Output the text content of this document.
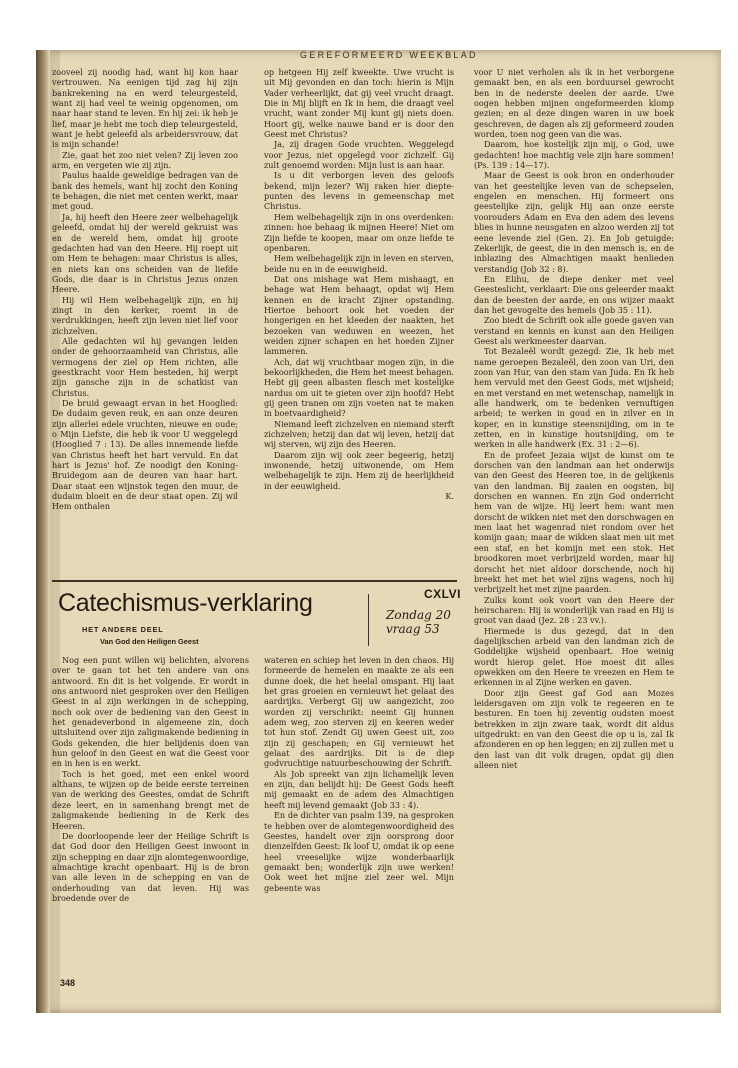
GEREFORMEERD WEEKBLAD

zooveel zij noodig had, want hij kon haar vertrouwen. Na eenigen tijd zag hij zijn bankrekening na en werd teleurgesteld, want zij had veel te weinig opgenomen, om naar haar stand te leven. En hij zei: ik heb je lief, maar je hebt me toch diep teleurgesteld, want je hebt geleefd als arbeidersvrouw, dat is mijn schande!

Zie, gaat het zoo niet velen? Zij leven zoo arm, en vergeten wie zij zijn.

Paulus haalde geweldige bedragen van de bank des hemels, want hij zocht den Koning te behagen, die niet met centen werkt, maar met goud.

Ja, hij heeft den Heere zeer welbehagelijk geleefd, omdat hij der wereld gekruist was en de wereld hem, omdat hij groote gedachten had van den Heere. Hij roept uit om Hem te behagen: maar Christus is alles, en niets kan ons scheiden van de liefde Gods, die daar is in Christus Jezus onzen Heere.

Hij wil Hem welbehagelijk zijn, en hij zingt in den kerker, roemt in de verdrukkingen, heeft zijn leven niet lief voor zichzelven.

Alle gedachten wil hij gevangen leiden onder de gehoorzaamheid van Christus, alle vermogens der ziel op Hem richten, alle geestkracht voor Hem besteden, hij werpt zijn gansche zijn in de schatkist van Christus.

De bruid gewaagt ervan in het Hooglied: De dudaim geven reuk, en aan onze deuren zijn allerlei edele vruchten, nieuwe en oude; o Mijn Liefste, die heb ik voor U weggelegd (Hooglied 7 : 13). De alles innemende liefde van Christus heeft het hart vervuld. En dat hart is Jezus' hof. Ze noodigt den Koning-Bruidegom aan de deuren van haar hart. Daar staat een wijnstok tegen den muur, de dudaim bloeit en de deur staat open. Zij wil Hem onthalen

op hetgeen Hij zelf kweekte. Uwe vrucht is uit Mij gevonden en dan toch: hierin is Mijn Vader verheerlijkt, dat gij veel vrucht draagt. Die in Mij blijft en Ik in hem, die draagt veel vrucht, want zonder Mij kunt gij niets doen. Hoort gij, welke nauwe band er is door den Geest met Christus?

Ja, zij dragen Gode vruchten. Weggelegd voor Jezus, niet opgelegd voor zichzelf. Gij zult genoemd worden: Mijn lust is aan haar.

Is u dit verborgen leven des geloofs bekend, mijn lezer? Wij raken hier diepte-punten des levens in gemeenschap met Christus.

Hem welbehagelijk zijn in ons overdenken: zinnen: hoe behaag ik mijnen Heere! Niet om Zijn liefde te koopen, maar om onze liefde te openbaren.

Hem welbehagelijk zijn in leven en sterven, beide nu en in de eeuwigheid.

Dat ons mishage wat Hem mishaagt, en behage wat Hem behaagt, opdat wij Hem kennen en de kracht Zijner opstanding. Hiertoe behoort ook het voeden der hongerigen en het kleeden der naakten, het bezoeken van weduwen en weezen, het weiden zijner schapen en het hoeden Zijner lammeren.

Ach, dat wij vruchtbaar mogen zijn, in die bekoorlijkheden, die Hem het meest behagen. Hebt gij geen albasten flesch met kostelijke nardus om uit te gieten over zijn hoofd? Hebt gij geen tranen om zijn voeten nat te maken in boetvaardigheid?

Niemand leeft zichzelven en niemand sterft zichzelven; hetzij dan dat wij leven, hetzij dat wij sterven, wij zijn des Heeren.

Daarom zijn wij ook zeer begeerig, hetzij inwonende, hetzij uitwonende, om Hem welbehagelijk te zijn. Hem zij de heerlijkheid in der eeuwigheid.

K.

voor U niet verholen als ik in het verborgene gemaakt ben, en als een borduursel gewrocht ben in de nederste deelen der aarde. Uwe oogen hebben mijnen ongeformeerden klomp gezien; en al deze dingen waren in uw boek geschreven, de dagen als zij geformeerd zouden worden, toen nog geen van die was.

Daarom, hoe kostelijk zijn mij, o God, uwe gedachten! hoe machtig vele zijn hare sommen! (Ps. 139 : 14—17).

Maar de Geest is ook bron en onderhouder van het geestelijke leven van de schepselen, engelen en menschen. Hij formeert ons geestelijke zijn, gelijk Hij aan onze eerste voorouders Adam en Eva den adem des levens blies in hunne neusgaten en alzoo werden zij tot eene levende ziel (Gen. 2). En Job getuigde: Zekerlijk, de geest, die in den mensch is, en de inblazing des Almachtigen maakt henlieden verstandig (Job 32 : 8).

En Elihu, de diepe denker met veel Geesteslicht, verklaart: Die ons geleerder maakt dan de beesten der aarde, en ons wijzer maakt dan het gevogelte des hemels (Job 35 : 11).

Zoo biedt de Schrift ook alle goede gaven van verstand en kennis en kunst aan den Heiligen Geest als werkmeester daarvan.

Tot Bezaleël wordt gezegd: Zie, Ik heb met name geroepen Bezaleël, den zoon van Uri, den zoon van Hur, van den stam van Juda. En Ik heb hem vervuld met den Geest Gods, met wijsheid; en met verstand en met wetenschap, namelijk in alle handwerk, om te bedenken vernuftigen arbeid; te werken in goud en in zilver en in koper, en in kunstige steensnijding, om in te zetten, en in kunstige houtsnijding, om te werken in alle handwerk (Ex. 31 : 2—6).

En de profeet Jezaia wijst de kunst om te dorschen van den landman aan het onderwijs van den Geest des Heeren toe, in de gelijkenis van den landman. Bij zaaien en oogsten, bij dorschen en wannen. En zijn God onderricht hem van de wijze. Hij leert hem: want men dorscht de wikken niet met den dorschwagen en men laat het wagenrad niet rondom over het komijn gaan; maar de wikken slaat men uit met een staf, en het komijn met een stok. Het broodkoren moet verbrijzeld worden, maar hij dorscht het niet aldoor dorschende, noch hij breekt het met het wiel zijns wagens, noch hij verbrijzelt het met zijne paarden.

Zulks komt ook voort van den Heere der heirscharen: Hij is wonderlijk van raad en Hij is groot van daad (Jez. 28 : 23 vv.).

Hiermede is dus gezegd, dat in den dagelijkschen arbeid van den landman zich de Goddelijke wijsheid openbaart. Hoe weinig wordt hierop gelet. Hoe moest dit alles opwekken om den Heere te vreezen en Hem te erkennen in al Zijne werken en gaven.

Door zijn Geest gaf God aan Mozes leidersgaven om zijn volk te regeeren en te besturen. En toen hij zeventig oudsten moest betrekken in zijn zware taak, wordt dit aldus uitgedrukt: en van den Geest die op u is, zal Ik afzonderen en op hen leggen; en zij zullen met u den last van dit volk dragen, opdat gij dien alleen niet

Catechismus-verklaring	CXLVI
HET ANDERE DEEL
Van God den Heiligen Geest
Zondag 20
vraag 53

Nog een punt willen wij belichten, alvorens over te gaan tot het ten andere van ons antwoord. En dit is het volgende. Er wordt in ons antwoord niet gesproken over den Heiligen Geest in al zijn werkingen in de schepping, noch ook over de bediening van den Geest in het genadeverbond in algemeene zin, doch uitsluitend over zijn zaligmakende bediening in Gods gekenden, die hier belijdenis doen van hun geloof in den Geest en wat die Geest voor en in hen is en werkt.

Toch is het goed, met een enkel woord althans, te wijzen op de beide eerste terreinen van de werking des Geestes, omdat de Schrift deze leert, en in samenhang brengt met de zaligmakende bediening in de Kerk des Heeren.

De doorloopende leer der Heilige Schrift is dat God door den Heiligen Geest inwoont in zijn schepping en daar zijn alomtegenwoordige, almachtige kracht openbaart. Hij is de bron van alle leven in de schepping en van de onderhouding van dat leven. Hij was broedende over de

wateren en schiep het leven in den chaos. Hij formeerde de hemelen en maakte ze als een dunne doek, die het heelal omspant. Hij laat het gras groeien en vernieuwt het gelaat des aardrijks. Verbergt Gij uw aangezicht, zoo worden zij verschrikt: neemt Gij hunnen adem weg, zoo sterven zij en keeren weder tot hun stof. Zendt Gij uwen Geest uit, zoo zijn zij geschapen; en Gij vernieuwt het gelaat des aardrijks. Dit is de diep godvruchtige natuurbeschouwing der Schrift.

Als Job spreekt van zijn lichamelijk leven en zijn, dan belijdt hij: De Geest Gods heeft mij gemaakt en de adem des Almachtigen heeft mij levend gemaakt (Job 33 : 4).

En de dichter van psalm 139, na gesproken te hebben over de alomtegenwoordigheid des Geestes, handelt over zijn oorsprong door dienzelfden Geest: Ik loof U, omdat ik op eene heel vreeselijke wijze wonderbaarlijk gemaakt ben; wonderlijk zijn uwe werken! Ook weet het mijne ziel zeer wel. Mijn gebeente was

348
